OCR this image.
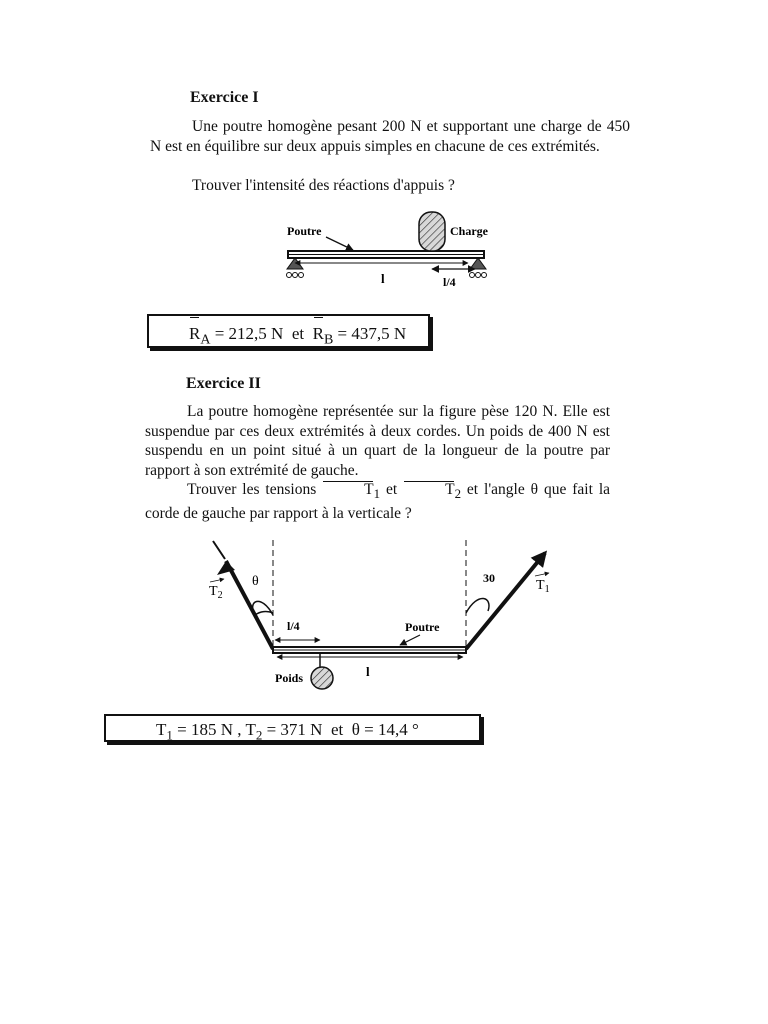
Exercice I
Une poutre homogène pesant 200 N et supportant une charge de 450 N est en équilibre sur deux appuis simples en chacune de ces extrémités.
Trouver l'intensité des réactions d'appuis ?
Poutre	Charge
l	l/4
$R_A = 212,5$ N  et  $R_B = 437,5$ N
Exercice II
La poutre homogène représentée sur la figure pèse 120 N. Elle est suspendue par ces deux extrémités à deux cordes. Un poids de 400 N est suspendu en un point situé à un quart de la longueur de la poutre par rapport à son extrémité de gauche.
Trouver les tensions	$T_1$ et	$T_2$ et l'angle θ que fait la corde de gauche par rapport à la verticale ?
$T_2$
θ	30	$T_1$
l/4	Poutre
Poids	l
$T_1 = 185$ N , $T_2 = 371$ N  et  θ = 14,4 °
